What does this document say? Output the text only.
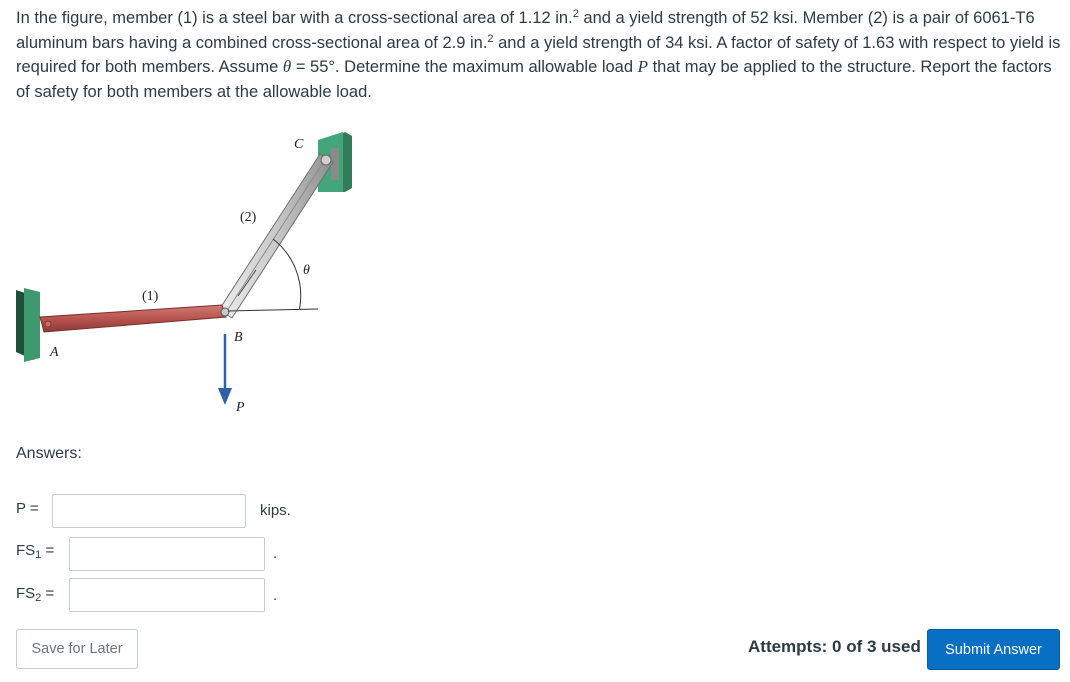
In the figure, member (1) is a steel bar with a cross-sectional area of 1.12 in.$^2$ and a yield strength of 52 ksi. Member (2) is a pair of 6061-T6 aluminum bars having a combined cross-sectional area of 2.9 in.$^2$ and a yield strength of 34 ksi. A factor of safety of 1.63 with respect to yield is required for both members. Assume θ = 55°. Determine the maximum allowable load P that may be applied to the structure. Report the factors of safety for both members at the allowable load.
(2)
(1)
C
θ
B
A
P
Answers:
P =	kips.
$FS_1$ =	.
$FS_2$ =	.
Save for Later	Attempts: 0 of 3 used	Submit Answer
